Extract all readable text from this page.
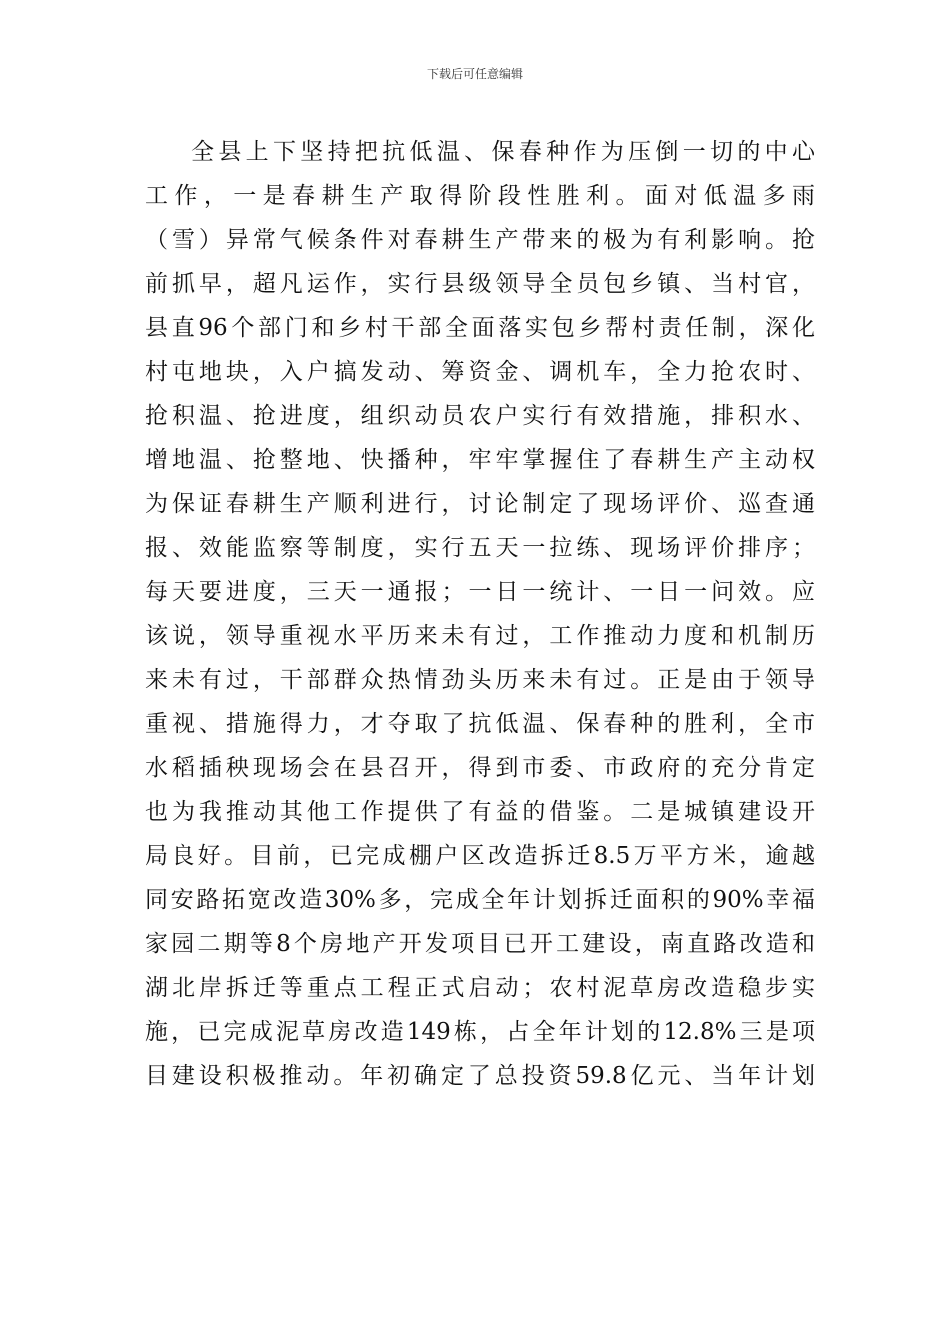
下载后可任意编辑
全县上下坚持把抗低温、保春种作为压倒一切的中心
工作，一是春耕生产取得阶段性胜利。面对低温多雨
（雪）异常气候条件对春耕生产带来的极为有利影响。抢
前抓早，超凡运作，实行县级领导全员包乡镇、当村官，
县直96个部门和乡村干部全面落实包乡帮村责任制，深化
村屯地块，入户搞发动、筹资金、调机车，全力抢农时、
抢积温、抢进度，组织动员农户实行有效措施，排积水、
增地温、抢整地、快播种，牢牢掌握住了春耕生产主动权
为保证春耕生产顺利进行，讨论制定了现场评价、巡查通
报、效能监察等制度，实行五天一拉练、现场评价排序；
每天要进度，三天一通报；一日一统计、一日一问效。应
该说，领导重视水平历来未有过，工作推动力度和机制历
来未有过，干部群众热情劲头历来未有过。正是由于领导
重视、措施得力，才夺取了抗低温、保春种的胜利，全市
水稻插秧现场会在县召开，得到市委、市政府的充分肯定
也为我推动其他工作提供了有益的借鉴。二是城镇建设开
局良好。目前，已完成棚户区改造拆迁8.5万平方米，逾越
同安路拓宽改造30%多，完成全年计划拆迁面积的90%幸福
家园二期等8个房地产开发项目已开工建设，南直路改造和
湖北岸拆迁等重点工程正式启动；农村泥草房改造稳步实
施，已完成泥草房改造149栋，占全年计划的12.8%三是项
目建设积极推动。年初确定了总投资59.8亿元、当年计划
